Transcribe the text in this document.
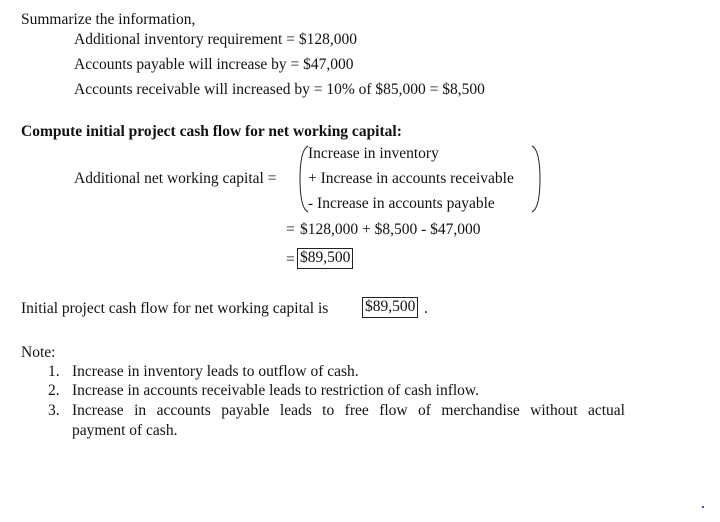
Summarize the information,
Additional inventory requirement = $128,000
Accounts payable will increase by = $47,000
Accounts receivable will increased by = 10% of $85,000 = $8,500
Compute initial project cash flow for net working capital:
Additional net working capital =
Increase in inventory
+ Increase in accounts receivable
- Increase in accounts payable
= $128,000 + $8,500 - $47,000
= $89,500
Initial project cash flow for net working capital is $89,500 .
Note:
1. Increase in inventory leads to outflow of cash.
2. Increase in accounts receivable leads to restriction of cash inflow.
3. Increase in accounts payable leads to free flow of merchandise without actual
payment of cash.
